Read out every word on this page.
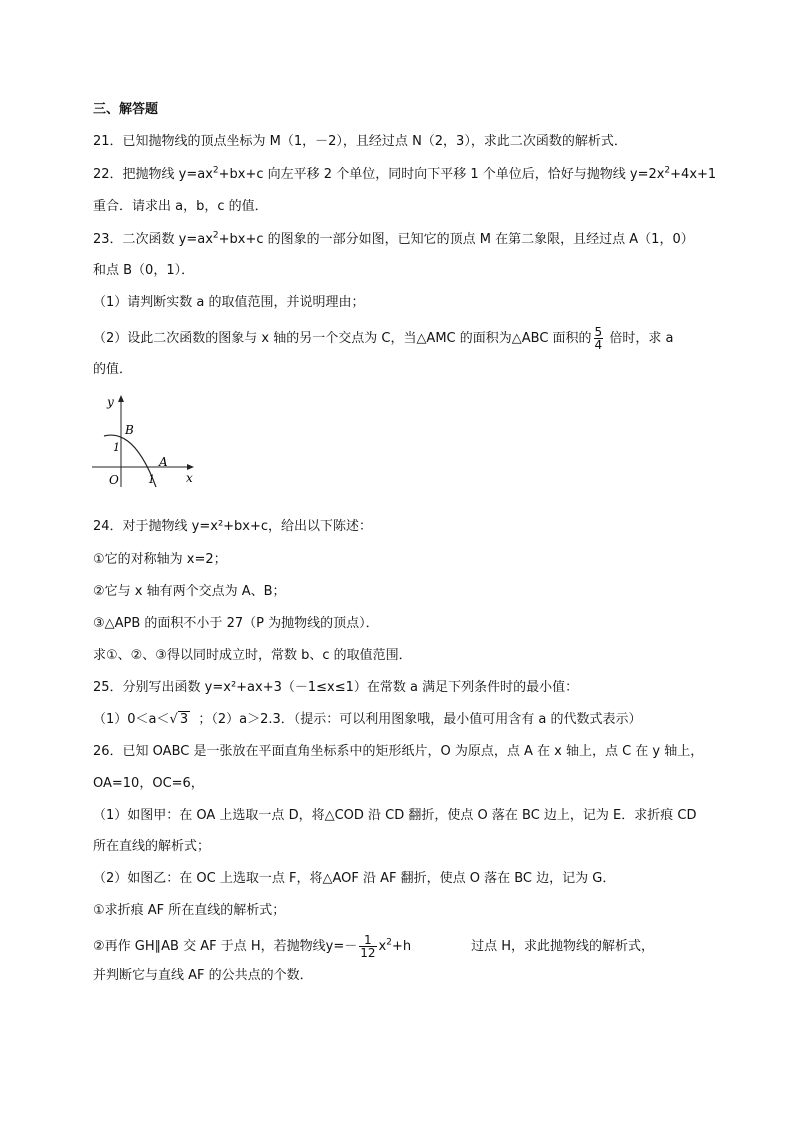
三、解答题
21．已知抛物线的顶点坐标为 M（1，－2），且经过点 N（2，3），求此二次函数的解析式．
22．把抛物线 $y=ax^2+bx+c$ 向左平移 2 个单位，同时向下平移 1 个单位后，恰好与抛物线 $y=2x^2+4x+1$
重合．请求出 a，b，c 的值．
23．二次函数 $y=ax^2+bx+c$ 的图象的一部分如图，已知它的顶点 M 在第二象限，且经过点 A（1，0）
和点 B（0，1）．
（1）请判断实数 a 的取值范围，并说明理由；
（2）设此二次函数的图象与 x 轴的另一个交点为 C，当△AMC 的面积为△ABC 面积的 $\frac{5}{4}$ 倍时，求 a
的值．
y
x
O
B
A
1
1
24．对于抛物线 y=x²+bx+c，给出以下陈述：
①它的对称轴为 x=2；
②它与 x 轴有两个交点为 A、B；
③△APB 的面积不小于 27（P 为抛物线的顶点）．
求①、②、③得以同时成立时，常数 b、c 的取值范围．
25．分别写出函数 y=x²+ax+3（－1≤x≤1）在常数 a 满足下列条件时的最小值：
（1）0＜a＜√ 3 ；（2）a＞2.3．（提示：可以利用图象哦，最小值可用含有 a 的代数式表示）
26．已知 OABC 是一张放在平面直角坐标系中的矩形纸片，O 为原点，点 A 在 x 轴上，点 C 在 y 轴上，
OA=10，OC=6，
（1）如图甲：在 OA 上选取一点 D，将△COD 沿 CD 翻折，使点 O 落在 BC 边上，记为 E．求折痕 CD
所在直线的解析式；
（2）如图乙：在 OC 上选取一点 F，将△AOF 沿 AF 翻折，使点 O 落在 BC 边，记为 G．
①求折痕 AF 所在直线的解析式；
②再作 GH∥AB 交 AF 于点 H，若抛物线$y=- \frac{1}{12} x^2+h$	过点 H，求此抛物线的解析式，
并判断它与直线 AF 的公共点的个数．
